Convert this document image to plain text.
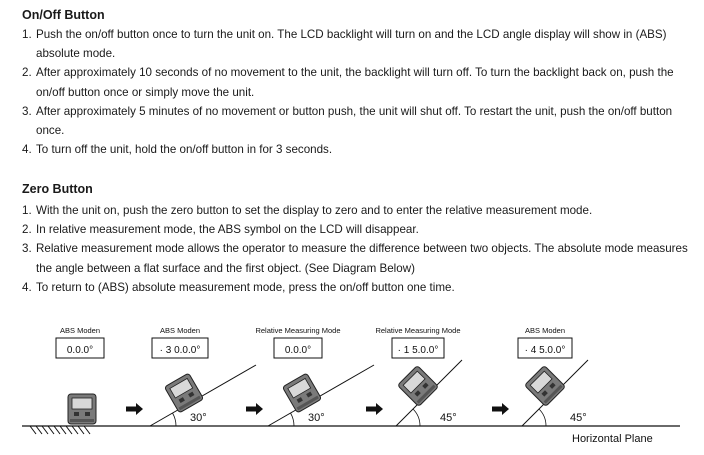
On/Off Button
1. Push the on/off button once to turn the unit on. The LCD backlight will turn on and the LCD angle display will show in (ABS) absolute mode.
2. After approximately 10 seconds of no movement to the unit, the backlight will turn off. To turn the backlight back on, push the on/off button once or simply move the unit.
3. After approximately 5 minutes of no movement or button push, the unit will shut off. To restart the unit, push the on/off button once.
4. To turn off the unit, hold the on/off button in for 3 seconds.
Zero Button
1. With the unit on, push the zero button to set the display to zero and to enter the relative measurement mode.
2. In relative measurement mode, the ABS symbol on the LCD will disappear.
3. Relative measurement mode allows the operator to measure the difference between two objects. The absolute mode measures the angle between a flat surface and the first object. (See Diagram Below)
4. To return to (ABS) absolute measurement mode, press the on/off button one time.
Horizontal Plane
ABS Moden
0.0.0°
ABS Moden
· 3 0.0.0°
Relative Measuring Mode
0.0.0°
Relative Measuring Mode
· 1 5.0.0°
ABS Moden
· 4 5.0.0°
30°	30°	45°	45°
